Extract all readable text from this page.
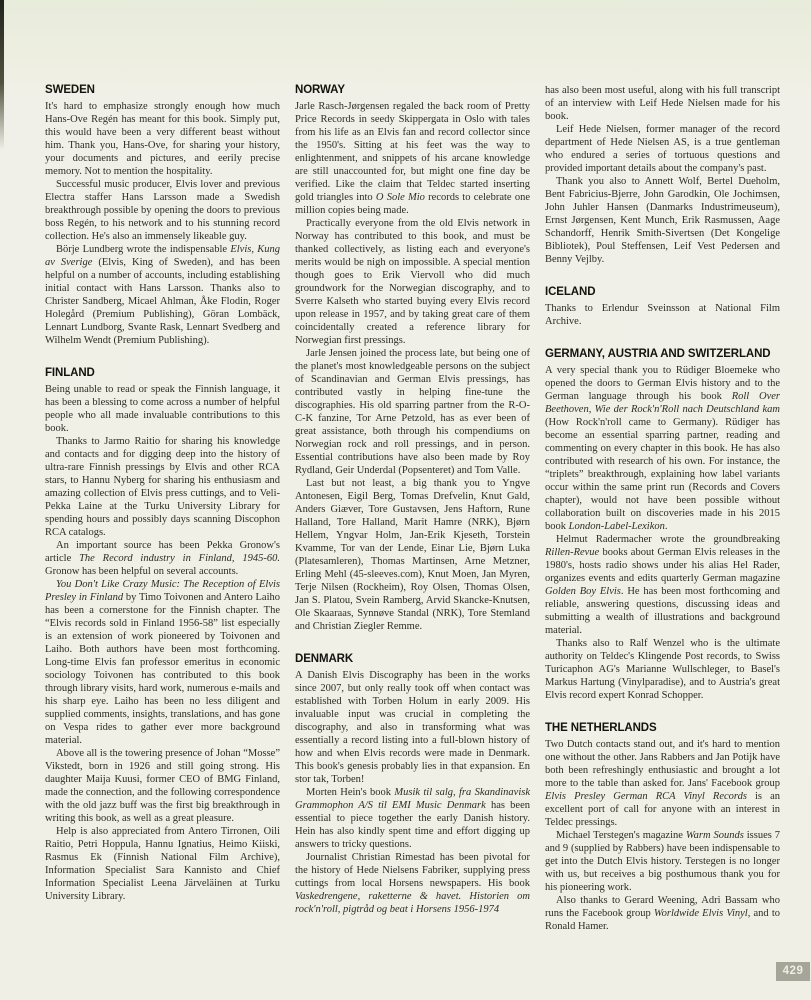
SWEDEN

It's hard to emphasize strongly enough how much Hans-Ove Regén has meant for this book. Simply put, this would have been a very different beast without him. Thank you, Hans-Ove, for sharing your history, your documents and pictures, and eerily precise memory. Not to mention the hospitality.

Successful music producer, Elvis lover and previous Electra staffer Hans Larsson made a Swedish breakthrough possible by opening the doors to previous boss Regén, to his network and to his stunning record collection. He's also an immensely likeable guy.

Börje Lundberg wrote the indispensable Elvis, Kung av Sverige (Elvis, King of Sweden), and has been helpful on a number of accounts, including establishing initial contact with Hans Larsson. Thanks also to Christer Sandberg, Micael Ahlman, Åke Flodin, Roger Holegård (Premium Publishing), Göran Lombäck, Lennart Lundborg, Svante Rask, Lennart Svedberg and Wilhelm Wendt (Premium Publishing).

FINLAND

Being unable to read or speak the Finnish language, it has been a blessing to come across a number of helpful people who all made invaluable contributions to this book.

Thanks to Jarmo Raitio for sharing his knowledge and contacts and for digging deep into the history of ultra-rare Finnish pressings by Elvis and other RCA stars, to Hannu Nyberg for sharing his enthusiasm and amazing collection of Elvis press cuttings, and to Veli-Pekka Laine at the Turku University Library for spending hours and possibly days scanning Discophon RCA catalogs.

An important source has been Pekka Gronow's article The Record industry in Finland, 1945-60. Gronow has been helpful on several accounts.

You Don't Like Crazy Music: The Reception of Elvis Presley in Finland by Timo Toivonen and Antero Laiho has been a cornerstone for the Finnish chapter. The “Elvis records sold in Finland 1956-58” list especially is an extension of work pioneered by Toivonen and Laiho. Both authors have been most forthcoming. Long-time Elvis fan professor emeritus in economic sociology Toivonen has contributed to this book through library visits, hard work, numerous e-mails and his sharp eye. Laiho has been no less diligent and supplied comments, insights, translations, and has gone on Vespa rides to gather ever more background material.

Above all is the towering presence of Johan “Mosse” Vikstedt, born in 1926 and still going strong. His daughter Maija Kuusi, former CEO of BMG Finland, made the connection, and the following correspondence with the old jazz buff was the first big breakthrough in writing this book, as well as a great pleasure.

Help is also appreciated from Antero Tirronen, Oili Raitio, Petri Hoppula, Hannu Ignatius, Heimo Kiiski, Rasmus Ek (Finnish National Film Archive), Information Specialist Sara Kannisto and Chief Information Specialist Leena Järveläinen at Turku University Library.

NORWAY

Jarle Rasch-Jørgensen regaled the back room of Pretty Price Records in seedy Skippergata in Oslo with tales from his life as an Elvis fan and record collector since the 1950's. Sitting at his feet was the way to enlightenment, and snippets of his arcane knowledge are still unaccounted for, but might one fine day be verified. Like the claim that Teldec started inserting gold triangles into O Sole Mio records to celebrate one million copies being made.

Practically everyone from the old Elvis network in Norway has contributed to this book, and must be thanked collectively, as listing each and everyone's merits would be nigh on impossible. A special mention though goes to Erik Viervoll who did much groundwork for the Norwegian discography, and to Sverre Kalseth who started buying every Elvis record upon release in 1957, and by taking great care of them coincidentally created a reference library for Norwegian first pressings.

Jarle Jensen joined the process late, but being one of the planet's most knowledgeable persons on the subject of Scandinavian and German Elvis pressings, has contributed vastly in helping fine-tune the discographies. His old sparring partner from the R-O-C-K fanzine, Tor Arne Petzold, has as ever been of great assistance, both through his compendiums on Norwegian rock and roll pressings, and in person. Essential contributions have also been made by Roy Rydland, Geir Underdal (Popsenteret) and Tom Valle.

Last but not least, a big thank you to Yngve Antonesen, Eigil Berg, Tomas Drefvelin, Knut Gald, Anders Giæver, Tore Gustavsen, Jens Haftorn, Rune Halland, Tore Halland, Marit Hamre (NRK), Bjørn Hellem, Yngvar Holm, Jan-Erik Kjeseth, Torstein Kvamme, Tor van der Lende, Einar Lie, Bjørn Luka (Platesamleren), Thomas Martinsen, Arne Metzner, Erling Mehl (45-sleeves.com), Knut Moen, Jan Myren, Terje Nilsen (Rockheim), Roy Olsen, Thomas Olsen, Jan S. Platou, Svein Ramberg, Arvid Skancke-Knutsen, Ole Skaaraas, Synnøve Standal (NRK), Tore Stemland and Christian Ziegler Remme.

DENMARK

A Danish Elvis Discography has been in the works since 2007, but only really took off when contact was established with Torben Holum in early 2009. His invaluable input was crucial in completing the discography, and also in transforming what was essentially a record listing into a full-blown history of how and when Elvis records were made in Denmark. This book's genesis probably lies in that expansion. En stor tak, Torben!

Morten Hein's book Musik til salg, fra Skandinavisk Grammophon A/S til EMI Music Denmark has been essential to piece together the early Danish history. Hein has also kindly spent time and effort digging up answers to tricky questions.

Journalist Christian Rimestad has been pivotal for the history of Hede Nielsens Fabriker, supplying press cuttings from local Horsens newspapers. His book Vaskedrengene, raketterne & havet. Historien om rock'n'roll, pigtråd og beat i Horsens 1956-1974

has also been most useful, along with his full transcript of an interview with Leif Hede Nielsen made for his book.

Leif Hede Nielsen, former manager of the record department of Hede Nielsen AS, is a true gentleman who endured a series of tortuous questions and provided important details about the company's past.

Thank you also to Annett Wolf, Bertel Dueholm, Bent Fabricius-Bjerre, John Garodkin, Ole Jochimsen, John Juhler Hansen (Danmarks Industrimeuseum), Ernst Jørgensen, Kent Munch, Erik Rasmussen, Aage Schandorff, Henrik Smith-Sivertsen (Det Kongelige Bibliotek), Poul Steffensen, Leif Vest Pedersen and Benny Vejlby.

ICELAND

Thanks to Erlendur Sveinsson at National Film Archive.

GERMANY, AUSTRIA AND SWITZERLAND

A very special thank you to Rüdiger Bloemeke who opened the doors to German Elvis history and to the German language through his book Roll Over Beethoven, Wie der Rock'n'Roll nach Deutschland kam (How Rock'n'roll came to Germany). Rüdiger has become an essential sparring partner, reading and commenting on every chapter in this book. He has also contributed with research of his own. For instance, the “triplets” breakthrough, explaining how label variants occur within the same print run (Records and Covers chapter), would not have been possible without collaboration built on discoveries made in his 2015 book London-Label-Lexikon.

Helmut Radermacher wrote the groundbreaking Rillen-Revue books about German Elvis releases in the 1980's, hosts radio shows under his alias Hel Rader, organizes events and edits quarterly German magazine Golden Boy Elvis. He has been most forthcoming and reliable, answering questions, discussing ideas and submitting a wealth of illustrations and background material.

Thanks also to Ralf Wenzel who is the ultimate authority on Teldec's Klingende Post records, to Swiss Turicaphon AG's Marianne Wullschleger, to Basel's Markus Hartung (Vinylparadise), and to Austria's great Elvis record expert Konrad Schopper.

THE NETHERLANDS

Two Dutch contacts stand out, and it's hard to mention one without the other. Jans Rabbers and Jan Potijk have both been refreshingly enthusiastic and brought a lot more to the table than asked for. Jans' Facebook group Elvis Presley German RCA Vinyl Records is an excellent port of call for anyone with an interest in Teldec pressings.

Michael Terstegen's magazine Warm Sounds issues 7 and 9 (supplied by Rabbers) have been indispensable to get into the Dutch Elvis history. Terstegen is no longer with us, but receives a big posthumous thank you for his pioneering work.

Also thanks to Gerard Weening, Adri Bassam who runs the Facebook group Worldwide Elvis Vinyl, and to Ronald Hamer.

429
